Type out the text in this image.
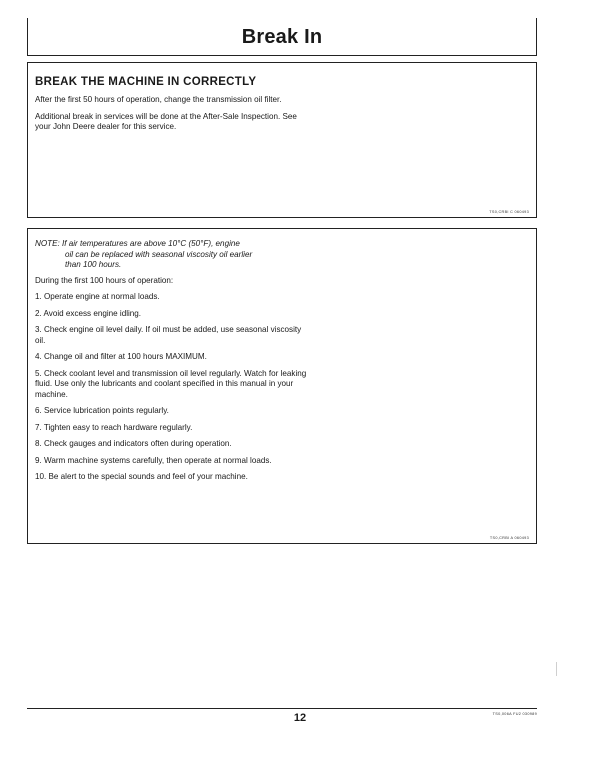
Break In
BREAK THE MACHINE IN CORRECTLY

After the first 50 hours of operation, change the transmission oil filter.

Additional break in services will be done at the After-Sale Inspection. See your John Deere dealer for this service.

TS0,CRBI C 060493

NOTE: If air temperatures are above 10°C (50°F), engine
oil can be replaced with seasonal viscosity oil earlier
than 100 hours.

During the first 100 hours of operation:

1. Operate engine at normal loads.

2. Avoid excess engine idling.

3. Check engine oil level daily. If oil must be added, use seasonal viscosity oil.

4. Change oil and filter at 100 hours MAXIMUM.

5. Check coolant level and transmission oil level regularly. Watch for leaking fluid. Use only the lubricants and coolant specified in this manual in your machine.

6. Service lubrication points regularly.

7. Tighten easy to reach hardware regularly.

8. Check gauges and indicators often during operation.

9. Warm machine systems carefully, then operate at normal loads.

10. Be alert to the special sounds and feel of your machine.

TS0,CRBI A 060493
12	TS0,006A FU2 030989
